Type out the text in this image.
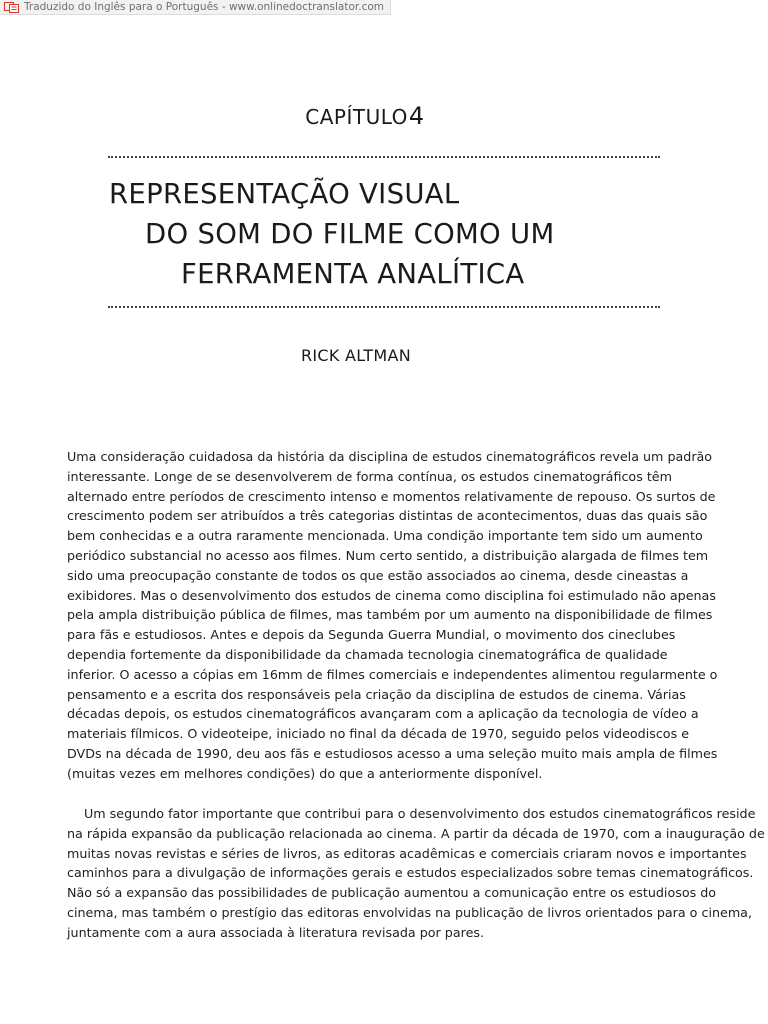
Traduzido do Inglês para o Português - www.onlinedoctranslator.com
CAPÍTULO4
REPRESENTAÇÃO VISUAL
DO SOM DO FILME COMO UM
FERRAMENTA ANALÍTICA
RICK ALTMAN
Uma consideração cuidadosa da história da disciplina de estudos cinematográficos revela um padrão
interessante. Longe de se desenvolverem de forma contínua, os estudos cinematográficos têm
alternado entre períodos de crescimento intenso e momentos relativamente de repouso. Os surtos de
crescimento podem ser atribuídos a três categorias distintas de acontecimentos, duas das quais são
bem conhecidas e a outra raramente mencionada. Uma condição importante tem sido um aumento
periódico substancial no acesso aos filmes. Num certo sentido, a distribuição alargada de filmes tem
sido uma preocupação constante de todos os que estão associados ao cinema, desde cineastas a
exibidores. Mas o desenvolvimento dos estudos de cinema como disciplina foi estimulado não apenas
pela ampla distribuição pública de filmes, mas também por um aumento na disponibilidade de filmes
para fãs e estudiosos. Antes e depois da Segunda Guerra Mundial, o movimento dos cineclubes
dependia fortemente da disponibilidade da chamada tecnologia cinematográfica de qualidade
inferior. O acesso a cópias em 16mm de filmes comerciais e independentes alimentou regularmente o
pensamento e a escrita dos responsáveis pela criação da disciplina de estudos de cinema. Várias
décadas depois, os estudos cinematográficos avançaram com a aplicação da tecnologia de vídeo a
materiais fílmicos. O videoteipe, iniciado no final da década de 1970, seguido pelos videodiscos e
DVDs na década de 1990, deu aos fãs e estudiosos acesso a uma seleção muito mais ampla de filmes
(muitas vezes em melhores condições) do que a anteriormente disponível.
Um segundo fator importante que contribui para o desenvolvimento dos estudos cinematográficos reside
na rápida expansão da publicação relacionada ao cinema. A partir da década de 1970, com a inauguração de
muitas novas revistas e séries de livros, as editoras acadêmicas e comerciais criaram novos e importantes
caminhos para a divulgação de informações gerais e estudos especializados sobre temas cinematográficos.
Não só a expansão das possibilidades de publicação aumentou a comunicação entre os estudiosos do
cinema, mas também o prestígio das editoras envolvidas na publicação de livros orientados para o cinema,
juntamente com a aura associada à literatura revisada por pares.
